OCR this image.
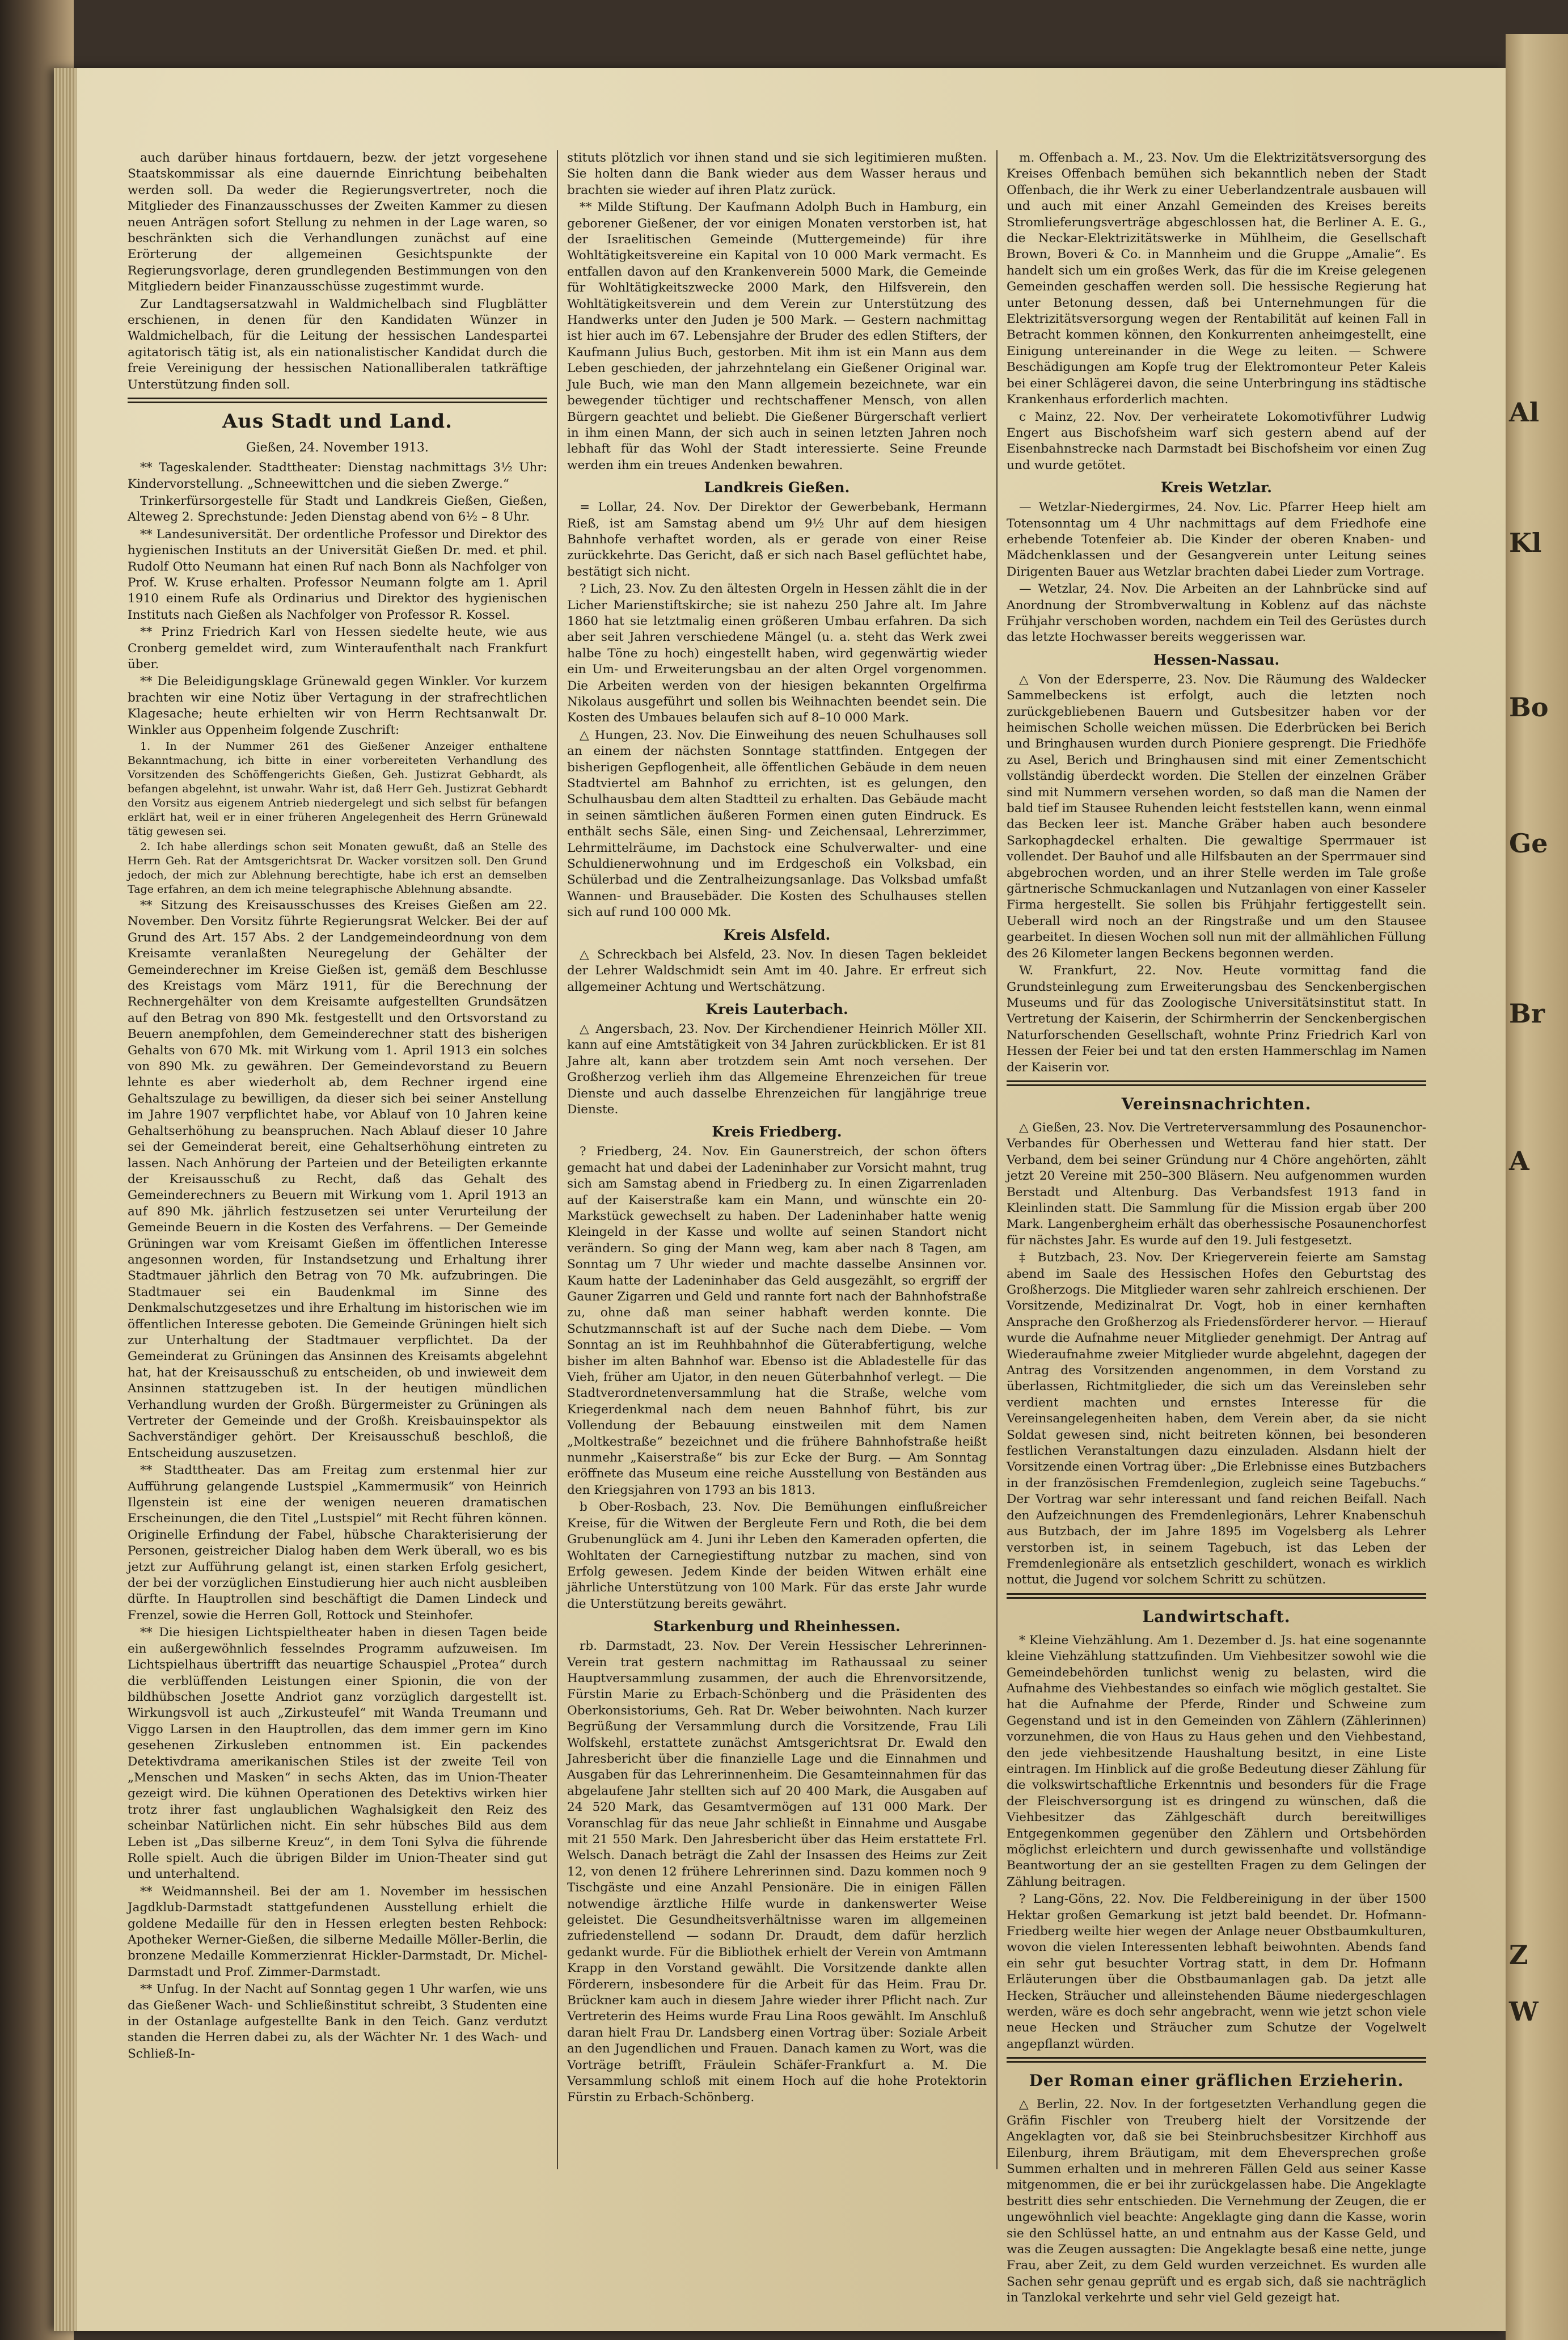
Al
Kl
Bo
Ge
Br
A
Z
W

auch darüber hinaus fortdauern, bezw. der jetzt vorgesehene Staatskommissar als eine dauernde Einrichtung beibehalten werden soll. Da weder die Regierungsvertreter, noch die Mitglieder des Finanzausschusses der Zweiten Kammer zu diesen neuen Anträgen sofort Stellung zu nehmen in der Lage waren, so beschränkten sich die Verhandlungen zunächst auf eine Erörterung der allgemeinen Gesichtspunkte der Regierungsvorlage, deren grundlegenden Bestimmungen von den Mitgliedern beider Finanzausschüsse zugestimmt wurde.

Zur Landtagsersatzwahl in Waldmichelbach sind Flugblätter erschienen, in denen für den Kandidaten Wünzer in Waldmichelbach, für die Leitung der hessischen Landespartei agitatorisch tätig ist, als ein nationalistischer Kandidat durch die freie Vereinigung der hessischen Nationalliberalen tatkräftige Unterstützung finden soll.

Aus Stadt und Land.
Gießen, 24. November 1913.

** Tageskalender. Stadttheater: Dienstag nachmittags 3½ Uhr: Kindervorstellung. „Schneewittchen und die sieben Zwerge.“

Trinkerfürsorgestelle für Stadt und Landkreis Gießen, Gießen, Alteweg 2. Sprechstunde: Jeden Dienstag abend von 6½ – 8 Uhr.

** Landesuniversität. Der ordentliche Professor und Direktor des hygienischen Instituts an der Universität Gießen Dr. med. et phil. Rudolf Otto Neumann hat einen Ruf nach Bonn als Nachfolger von Prof. W. Kruse erhalten. Professor Neumann folgte am 1. April 1910 einem Rufe als Ordinarius und Direktor des hygienischen Instituts nach Gießen als Nachfolger von Professor R. Kossel.

** Prinz Friedrich Karl von Hessen siedelte heute, wie aus Cronberg gemeldet wird, zum Winteraufenthalt nach Frankfurt über.

** Die Beleidigungsklage Grünewald gegen Winkler. Vor kurzem brachten wir eine Notiz über Vertagung in der strafrechtlichen Klagesache; heute erhielten wir von Herrn Rechtsanwalt Dr. Winkler aus Oppenheim folgende Zuschrift:

1. In der Nummer 261 des Gießener Anzeiger enthaltene Bekanntmachung, ich bitte in einer vorbereiteten Verhandlung des Vorsitzenden des Schöffengerichts Gießen, Geh. Justizrat Gebhardt, als befangen abgelehnt, ist unwahr. Wahr ist, daß Herr Geh. Justizrat Gebhardt den Vorsitz aus eigenem Antrieb niedergelegt und sich selbst für befangen erklärt hat, weil er in einer früheren Angelegenheit des Herrn Grünewald tätig gewesen sei.

2. Ich habe allerdings schon seit Monaten gewußt, daß an Stelle des Herrn Geh. Rat der Amtsgerichtsrat Dr. Wacker vorsitzen soll. Den Grund jedoch, der mich zur Ablehnung berechtigte, habe ich erst an demselben Tage erfahren, an dem ich meine telegraphische Ablehnung absandte.

** Sitzung des Kreisausschusses des Kreises Gießen am 22. November. Den Vorsitz führte Regierungsrat Welcker. Bei der auf Grund des Art. 157 Abs. 2 der Landgemeindeordnung von dem Kreisamte veranlaßten Neuregelung der Gehälter der Gemeinderechner im Kreise Gießen ist, gemäß dem Beschlusse des Kreistags vom März 1911, für die Berechnung der Rechnergehälter von dem Kreisamte aufgestellten Grundsätzen auf den Betrag von 890 Mk. festgestellt und den Ortsvorstand zu Beuern anempfohlen, dem Gemeinderechner statt des bisherigen Gehalts von 670 Mk. mit Wirkung vom 1. April 1913 ein solches von 890 Mk. zu gewähren. Der Gemeindevorstand zu Beuern lehnte es aber wiederholt ab, dem Rechner irgend eine Gehaltszulage zu bewilligen, da dieser sich bei seiner Anstellung im Jahre 1907 verpflichtet habe, vor Ablauf von 10 Jahren keine Gehaltserhöhung zu beanspruchen. Nach Ablauf dieser 10 Jahre sei der Gemeinderat bereit, eine Gehaltserhöhung eintreten zu lassen. Nach Anhörung der Parteien und der Beteiligten erkannte der Kreisausschuß zu Recht, daß das Gehalt des Gemeinderechners zu Beuern mit Wirkung vom 1. April 1913 an auf 890 Mk. jährlich festzusetzen sei unter Verurteilung der Gemeinde Beuern in die Kosten des Verfahrens. — Der Gemeinde Grüningen war vom Kreisamt Gießen im öffentlichen Interesse angesonnen worden, für Instandsetzung und Erhaltung ihrer Stadtmauer jährlich den Betrag von 70 Mk. aufzubringen. Die Stadtmauer sei ein Baudenkmal im Sinne des Denkmalschutzgesetzes und ihre Erhaltung im historischen wie im öffentlichen Interesse geboten. Die Gemeinde Grüningen hielt sich zur Unterhaltung der Stadtmauer verpflichtet. Da der Gemeinderat zu Grüningen das Ansinnen des Kreisamts abgelehnt hat, hat der Kreisausschuß zu entscheiden, ob und inwieweit dem Ansinnen stattzugeben ist. In der heutigen mündlichen Verhandlung wurden der Großh. Bürgermeister zu Grüningen als Vertreter der Gemeinde und der Großh. Kreisbauinspektor als Sachverständiger gehört. Der Kreisausschuß beschloß, die Entscheidung auszusetzen.

** Stadttheater. Das am Freitag zum erstenmal hier zur Aufführung gelangende Lustspiel „Kammermusik“ von Heinrich Ilgenstein ist eine der wenigen neueren dramatischen Erscheinungen, die den Titel „Lustspiel“ mit Recht führen können. Originelle Erfindung der Fabel, hübsche Charakterisierung der Personen, geistreicher Dialog haben dem Werk überall, wo es bis jetzt zur Aufführung gelangt ist, einen starken Erfolg gesichert, der bei der vorzüglichen Einstudierung hier auch nicht ausbleiben dürfte. In Hauptrollen sind beschäftigt die Damen Lindeck und Frenzel, sowie die Herren Goll, Rottock und Steinhofer.

** Die hiesigen Lichtspieltheater haben in diesen Tagen beide ein außergewöhnlich fesselndes Programm aufzuweisen. Im Lichtspielhaus übertrifft das neuartige Schauspiel „Protea“ durch die verblüffenden Leistungen einer Spionin, die von der bildhübschen Josette Andriot ganz vorzüglich dargestellt ist. Wirkungsvoll ist auch „Zirkusteufel“ mit Wanda Treumann und Viggo Larsen in den Hauptrollen, das dem immer gern im Kino gesehenen Zirkusleben entnommen ist. Ein packendes Detektivdrama amerikanischen Stiles ist der zweite Teil von „Menschen und Masken“ in sechs Akten, das im Union-Theater gezeigt wird. Die kühnen Operationen des Detektivs wirken hier trotz ihrer fast unglaublichen Waghalsigkeit den Reiz des scheinbar Natürlichen nicht. Ein sehr hübsches Bild aus dem Leben ist „Das silberne Kreuz“, in dem Toni Sylva die führende Rolle spielt. Auch die übrigen Bilder im Union-Theater sind gut und unterhaltend.

** Weidmannsheil. Bei der am 1. November im hessischen Jagdklub-Darmstadt stattgefundenen Ausstellung erhielt die goldene Medaille für den in Hessen erlegten besten Rehbock: Apotheker Werner-Gießen, die silberne Medaille Möller-Berlin, die bronzene Medaille Kommerzienrat Hickler-Darmstadt, Dr. Michel-Darmstadt und Prof. Zimmer-Darmstadt.

** Unfug. In der Nacht auf Sonntag gegen 1 Uhr warfen, wie uns das Gießener Wach- und Schließinstitut schreibt, 3 Studenten eine in der Ostanlage aufgestellte Bank in den Teich. Ganz verdutzt standen die Herren dabei zu, als der Wächter Nr. 1 des Wach- und Schließ-In-

stituts plötzlich vor ihnen stand und sie sich legitimieren mußten. Sie holten dann die Bank wieder aus dem Wasser heraus und brachten sie wieder auf ihren Platz zurück.

** Milde Stiftung. Der Kaufmann Adolph Buch in Hamburg, ein geborener Gießener, der vor einigen Monaten verstorben ist, hat der Israelitischen Gemeinde (Muttergemeinde) für ihre Wohltätigkeitsvereine ein Kapital von 10 000 Mark vermacht. Es entfallen davon auf den Krankenverein 5000 Mark, die Gemeinde für Wohltätigkeitszwecke 2000 Mark, den Hilfsverein, den Wohltätigkeitsverein und dem Verein zur Unterstützung des Handwerks unter den Juden je 500 Mark. — Gestern nachmittag ist hier auch im 67. Lebensjahre der Bruder des edlen Stifters, der Kaufmann Julius Buch, gestorben. Mit ihm ist ein Mann aus dem Leben geschieden, der jahrzehntelang ein Gießener Original war. Jule Buch, wie man den Mann allgemein bezeichnete, war ein bewegender tüchtiger und rechtschaffener Mensch, von allen Bürgern geachtet und beliebt. Die Gießener Bürgerschaft verliert in ihm einen Mann, der sich auch in seinen letzten Jahren noch lebhaft für das Wohl der Stadt interessierte. Seine Freunde werden ihm ein treues Andenken bewahren.

Landkreis Gießen.

= Lollar, 24. Nov. Der Direktor der Gewerbebank, Hermann Rieß, ist am Samstag abend um 9½ Uhr auf dem hiesigen Bahnhofe verhaftet worden, als er gerade von einer Reise zurückkehrte. Das Gericht, daß er sich nach Basel geflüchtet habe, bestätigt sich nicht.

? Lich, 23. Nov. Zu den ältesten Orgeln in Hessen zählt die in der Licher Marienstiftskirche; sie ist nahezu 250 Jahre alt. Im Jahre 1860 hat sie letztmalig einen größeren Umbau erfahren. Da sich aber seit Jahren verschiedene Mängel (u. a. steht das Werk zwei halbe Töne zu hoch) eingestellt haben, wird gegenwärtig wieder ein Um- und Erweiterungsbau an der alten Orgel vorgenommen. Die Arbeiten werden von der hiesigen bekannten Orgelfirma Nikolaus ausgeführt und sollen bis Weihnachten beendet sein. Die Kosten des Umbaues belaufen sich auf 8–10 000 Mark.

△ Hungen, 23. Nov. Die Einweihung des neuen Schulhauses soll an einem der nächsten Sonntage stattfinden. Entgegen der bisherigen Gepflogenheit, alle öffentlichen Gebäude in dem neuen Stadtviertel am Bahnhof zu errichten, ist es gelungen, den Schulhausbau dem alten Stadtteil zu erhalten. Das Gebäude macht in seinen sämtlichen äußeren Formen einen guten Eindruck. Es enthält sechs Säle, einen Sing- und Zeichensaal, Lehrerzimmer, Lehrmittelräume, im Dachstock eine Schulverwalter- und eine Schuldienerwohnung und im Erdgeschoß ein Volksbad, ein Schülerbad und die Zentralheizungsanlage. Das Volksbad umfaßt Wannen- und Brausebäder. Die Kosten des Schulhauses stellen sich auf rund 100 000 Mk.

Kreis Alsfeld.

△ Schreckbach bei Alsfeld, 23. Nov. In diesen Tagen bekleidet der Lehrer Waldschmidt sein Amt im 40. Jahre. Er erfreut sich allgemeiner Achtung und Wertschätzung.

Kreis Lauterbach.

△ Angersbach, 23. Nov. Der Kirchendiener Heinrich Möller XII. kann auf eine Amtstätigkeit von 34 Jahren zurückblicken. Er ist 81 Jahre alt, kann aber trotzdem sein Amt noch versehen. Der Großherzog verlieh ihm das Allgemeine Ehrenzeichen für treue Dienste und auch dasselbe Ehrenzeichen für langjährige treue Dienste.

Kreis Friedberg.

? Friedberg, 24. Nov. Ein Gaunerstreich, der schon öfters gemacht hat und dabei der Ladeninhaber zur Vorsicht mahnt, trug sich am Samstag abend in Friedberg zu. In einen Zigarrenladen auf der Kaiserstraße kam ein Mann, und wünschte ein 20-Markstück gewechselt zu haben. Der Ladeninhaber hatte wenig Kleingeld in der Kasse und wollte auf seinen Standort nicht verändern. So ging der Mann weg, kam aber nach 8 Tagen, am Sonntag um 7 Uhr wieder und machte dasselbe Ansinnen vor. Kaum hatte der Ladeninhaber das Geld ausgezählt, so ergriff der Gauner Zigarren und Geld und rannte fort nach der Bahnhofstraße zu, ohne daß man seiner habhaft werden konnte. Die Schutzmannschaft ist auf der Suche nach dem Diebe. — Vom Sonntag an ist im Reuhhbahnhof die Güterabfertigung, welche bisher im alten Bahnhof war. Ebenso ist die Abladestelle für das Vieh, früher am Ujator, in den neuen Güterbahnhof verlegt. — Die Stadtverordnetenversammlung hat die Straße, welche vom Kriegerdenkmal nach dem neuen Bahnhof führt, bis zur Vollendung der Bebauung einstweilen mit dem Namen „Moltkestraße“ bezeichnet und die frühere Bahnhofstraße heißt nunmehr „Kaiserstraße“ bis zur Ecke der Burg. — Am Sonntag eröffnete das Museum eine reiche Ausstellung von Beständen aus den Kriegsjahren von 1793 an bis 1813.

b Ober-Rosbach, 23. Nov. Die Bemühungen einflußreicher Kreise, für die Witwen der Bergleute Fern und Roth, die bei dem Grubenunglück am 4. Juni ihr Leben den Kameraden opferten, die Wohltaten der Carnegiestiftung nutzbar zu machen, sind von Erfolg gewesen. Jedem Kinde der beiden Witwen erhält eine jährliche Unterstützung von 100 Mark. Für das erste Jahr wurde die Unterstützung bereits gewährt.

Starkenburg und Rheinhessen.

rb. Darmstadt, 23. Nov. Der Verein Hessischer Lehrerinnen-Verein trat gestern nachmittag im Rathaussaal zu seiner Hauptversammlung zusammen, der auch die Ehrenvorsitzende, Fürstin Marie zu Erbach-Schönberg und die Präsidenten des Oberkonsistoriums, Geh. Rat Dr. Weber beiwohnten. Nach kurzer Begrüßung der Versammlung durch die Vorsitzende, Frau Lili Wolfskehl, erstattete zunächst Amtsgerichtsrat Dr. Ewald den Jahresbericht über die finanzielle Lage und die Einnahmen und Ausgaben für das Lehrerinnenheim. Die Gesamteinnahmen für das abgelaufene Jahr stellten sich auf 20 400 Mark, die Ausgaben auf 24 520 Mark, das Gesamtvermögen auf 131 000 Mark. Der Voranschlag für das neue Jahr schließt in Einnahme und Ausgabe mit 21 550 Mark. Den Jahresbericht über das Heim erstattete Frl. Welsch. Danach beträgt die Zahl der Insassen des Heims zur Zeit 12, von denen 12 frühere Lehrerinnen sind. Dazu kommen noch 9 Tischgäste und eine Anzahl Pensionäre. Die in einigen Fällen notwendige ärztliche Hilfe wurde in dankenswerter Weise geleistet. Die Gesundheitsverhältnisse waren im allgemeinen zufriedenstellend — sodann Dr. Draudt, dem dafür herzlich gedankt wurde. Für die Bibliothek erhielt der Verein von Amtmann Krapp in den Vorstand gewählt. Die Vorsitzende dankte allen Förderern, insbesondere für die Arbeit für das Heim. Frau Dr. Brückner kam auch in diesem Jahre wieder ihrer Pflicht nach. Zur Vertreterin des Heims wurde Frau Lina Roos gewählt. Im Anschluß daran hielt Frau Dr. Landsberg einen Vortrag über: Soziale Arbeit an den Jugendlichen und Frauen. Danach kamen zu Wort, was die Vorträge betrifft, Fräulein Schäfer-Frankfurt a. M. Die Versammlung schloß mit einem Hoch auf die hohe Protektorin Fürstin zu Erbach-Schönberg.

m. Offenbach a. M., 23. Nov. Um die Elektrizitätsversorgung des Kreises Offenbach bemühen sich bekanntlich neben der Stadt Offenbach, die ihr Werk zu einer Ueberlandzentrale ausbauen will und auch mit einer Anzahl Gemeinden des Kreises bereits Stromlieferungsverträge abgeschlossen hat, die Berliner A. E. G., die Neckar-Elektrizitätswerke in Mühlheim, die Gesellschaft Brown, Boveri & Co. in Mannheim und die Gruppe „Amalie“. Es handelt sich um ein großes Werk, das für die im Kreise gelegenen Gemeinden geschaffen werden soll. Die hessische Regierung hat unter Betonung dessen, daß bei Unternehmungen für die Elektrizitätsversorgung wegen der Rentabilität auf keinen Fall in Betracht kommen können, den Konkurrenten anheimgestellt, eine Einigung untereinander in die Wege zu leiten. — Schwere Beschädigungen am Kopfe trug der Elektromonteur Peter Kaleis bei einer Schlägerei davon, die seine Unterbringung ins städtische Krankenhaus erforderlich machten.

c Mainz, 22. Nov. Der verheiratete Lokomotivführer Ludwig Engert aus Bischofsheim warf sich gestern abend auf der Eisenbahnstrecke nach Darmstadt bei Bischofsheim vor einen Zug und wurde getötet.

Kreis Wetzlar.

— Wetzlar-Niedergirmes, 24. Nov. Lic. Pfarrer Heep hielt am Totensonntag um 4 Uhr nachmittags auf dem Friedhofe eine erhebende Totenfeier ab. Die Kinder der oberen Knaben- und Mädchenklassen und der Gesangverein unter Leitung seines Dirigenten Bauer aus Wetzlar brachten dabei Lieder zum Vortrage.

— Wetzlar, 24. Nov. Die Arbeiten an der Lahnbrücke sind auf Anordnung der Strombverwaltung in Koblenz auf das nächste Frühjahr verschoben worden, nachdem ein Teil des Gerüstes durch das letzte Hochwasser bereits weggerissen war.

Hessen-Nassau.

△ Von der Edersperre, 23. Nov. Die Räumung des Waldecker Sammelbeckens ist erfolgt, auch die letzten noch zurückgebliebenen Bauern und Gutsbesitzer haben vor der heimischen Scholle weichen müssen. Die Ederbrücken bei Berich und Bringhausen wurden durch Pioniere gesprengt. Die Friedhöfe zu Asel, Berich und Bringhausen sind mit einer Zementschicht vollständig überdeckt worden. Die Stellen der einzelnen Gräber sind mit Nummern versehen worden, so daß man die Namen der bald tief im Stausee Ruhenden leicht feststellen kann, wenn einmal das Becken leer ist. Manche Gräber haben auch besondere Sarkophagdeckel erhalten. Die gewaltige Sperrmauer ist vollendet. Der Bauhof und alle Hilfsbauten an der Sperrmauer sind abgebrochen worden, und an ihrer Stelle werden im Tale große gärtnerische Schmuckanlagen und Nutzanlagen von einer Kasseler Firma hergestellt. Sie sollen bis Frühjahr fertiggestellt sein. Ueberall wird noch an der Ringstraße und um den Stausee gearbeitet. In diesen Wochen soll nun mit der allmählichen Füllung des 26 Kilometer langen Beckens begonnen werden.

W. Frankfurt, 22. Nov. Heute vormittag fand die Grundsteinlegung zum Erweiterungsbau des Senckenbergischen Museums und für das Zoologische Universitätsinstitut statt. In Vertretung der Kaiserin, der Schirmherrin der Senckenbergischen Naturforschenden Gesellschaft, wohnte Prinz Friedrich Karl von Hessen der Feier bei und tat den ersten Hammerschlag im Namen der Kaiserin vor.

Vereinsnachrichten.

△ Gießen, 23. Nov. Die Vertreterversammlung des Posaunenchor-Verbandes für Oberhessen und Wetterau fand hier statt. Der Verband, dem bei seiner Gründung nur 4 Chöre angehörten, zählt jetzt 20 Vereine mit 250–300 Bläsern. Neu aufgenommen wurden Berstadt und Altenburg. Das Verbandsfest 1913 fand in Kleinlinden statt. Die Sammlung für die Mission ergab über 200 Mark. Langenbergheim erhält das oberhessische Posaunenchorfest für nächstes Jahr. Es wurde auf den 19. Juli festgesetzt.

‡ Butzbach, 23. Nov. Der Kriegerverein feierte am Samstag abend im Saale des Hessischen Hofes den Geburtstag des Großherzogs. Die Mitglieder waren sehr zahlreich erschienen. Der Vorsitzende, Medizinalrat Dr. Vogt, hob in einer kernhaften Ansprache den Großherzog als Friedensförderer hervor. — Hierauf wurde die Aufnahme neuer Mitglieder genehmigt. Der Antrag auf Wiederaufnahme zweier Mitglieder wurde abgelehnt, dagegen der Antrag des Vorsitzenden angenommen, in dem Vorstand zu überlassen, Richtmitglieder, die sich um das Vereinsleben sehr verdient machten und ernstes Interesse für die Vereinsangelegenheiten haben, dem Verein aber, da sie nicht Soldat gewesen sind, nicht beitreten können, bei besonderen festlichen Veranstaltungen dazu einzuladen. Alsdann hielt der Vorsitzende einen Vortrag über: „Die Erlebnisse eines Butzbachers in der französischen Fremdenlegion, zugleich seine Tagebuchs.“ Der Vortrag war sehr interessant und fand reichen Beifall. Nach den Aufzeichnungen des Fremdenlegionärs, Lehrer Knabenschuh aus Butzbach, der im Jahre 1895 im Vogelsberg als Lehrer verstorben ist, in seinem Tagebuch, ist das Leben der Fremdenlegionäre als entsetzlich geschildert, wonach es wirklich nottut, die Jugend vor solchem Schritt zu schützen.

Landwirtschaft.

* Kleine Viehzählung. Am 1. Dezember d. Js. hat eine sogenannte kleine Viehzählung stattzufinden. Um Viehbesitzer sowohl wie die Gemeindebehörden tunlichst wenig zu belasten, wird die Aufnahme des Viehbestandes so einfach wie möglich gestaltet. Sie hat die Aufnahme der Pferde, Rinder und Schweine zum Gegenstand und ist in den Gemeinden von Zählern (Zählerinnen) vorzunehmen, die von Haus zu Haus gehen und den Viehbestand, den jede viehbesitzende Haushaltung besitzt, in eine Liste eintragen. Im Hinblick auf die große Bedeutung dieser Zählung für die volkswirtschaftliche Erkenntnis und besonders für die Frage der Fleischversorgung ist es dringend zu wünschen, daß die Viehbesitzer das Zählgeschäft durch bereitwilliges Entgegenkommen gegenüber den Zählern und Ortsbehörden möglichst erleichtern und durch gewissenhafte und vollständige Beantwortung der an sie gestellten Fragen zu dem Gelingen der Zählung beitragen.

? Lang-Göns, 22. Nov. Die Feldbereinigung in der über 1500 Hektar großen Gemarkung ist jetzt bald beendet. Dr. Hofmann-Friedberg weilte hier wegen der Anlage neuer Obstbaumkulturen, wovon die vielen Interessenten lebhaft beiwohnten. Abends fand ein sehr gut besuchter Vortrag statt, in dem Dr. Hofmann Erläuterungen über die Obstbaumanlagen gab. Da jetzt alle Hecken, Sträucher und alleinstehenden Bäume niedergeschlagen werden, wäre es doch sehr angebracht, wenn wie jetzt schon viele neue Hecken und Sträucher zum Schutze der Vogelwelt angepflanzt würden.

Der Roman einer gräflichen Erzieherin.

△ Berlin, 22. Nov. In der fortgesetzten Verhandlung gegen die Gräfin Fischler von Treuberg hielt der Vorsitzende der Angeklagten vor, daß sie bei Steinbruchsbesitzer Kirchhoff aus Eilenburg, ihrem Bräutigam, mit dem Eheversprechen große Summen erhalten und in mehreren Fällen Geld aus seiner Kasse mitgenommen, die er bei ihr zurückgelassen habe. Die Angeklagte bestritt dies sehr entschieden. Die Vernehmung der Zeugen, die er ungewöhnlich viel beachte: Angeklagte ging dann die Kasse, worin sie den Schlüssel hatte, an und entnahm aus der Kasse Geld, und was die Zeugen aussagten: Die Angeklagte besaß eine nette, junge Frau, aber Zeit, zu dem Geld wurden verzeichnet. Es wurden alle Sachen sehr genau geprüft und es ergab sich, daß sie nachträglich in Tanzlokal verkehrte und sehr viel Geld gezeigt hat.
